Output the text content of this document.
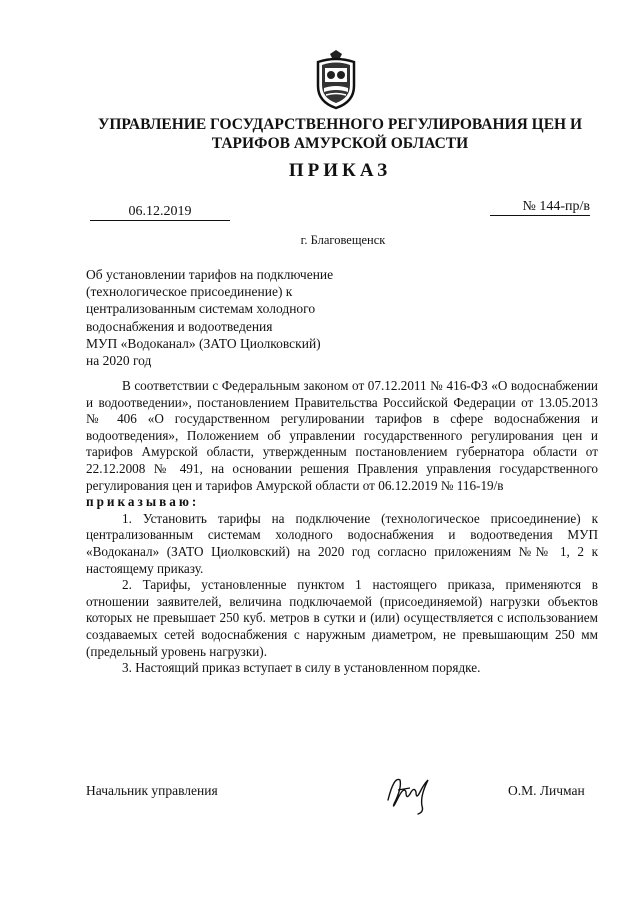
УПРАВЛЕНИЕ ГОСУДАРСТВЕННОГО РЕГУЛИРОВАНИЯ ЦЕН И
ТАРИФОВ АМУРСКОЙ ОБЛАСТИ
ПРИКАЗ
06.12.2019	№ 144-пр/в
г. Благовещенск
Об установлении тарифов на подключение
(технологическое присоединение) к
централизованным системам холодного
водоснабжения и водоотведения
МУП «Водоканал» (ЗАТО Циолковский)
на 2020 год

В соответствии с Федеральным законом от 07.12.2011 № 416-ФЗ «О водоснабжении и водоотведении», постановлением Правительства Российской Федерации от 13.05.2013 № 406 «О государственном регулировании тарифов в сфере водоснабжения и водоотведения», Положением об управлении государственного регулирования цен и тарифов Амурской области, утвержденным постановлением губернатора области от 22.12.2008 № 491, на основании решения Правления управления государственного регулирования цен и тарифов Амурской области от 06.12.2019 № 116-19/в

приказываю:

1. Установить тарифы на подключение (технологическое присоединение) к централизованным системам холодного водоснабжения и водоотведения МУП «Водоканал» (ЗАТО Циолковский) на 2020 год согласно приложениям №№ 1, 2 к настоящему приказу.

2. Тарифы, установленные пунктом 1 настоящего приказа, применяются в отношении заявителей, величина подключаемой (присоединяемой) нагрузки объектов которых не превышает 250 куб. метров в сутки и (или) осуществляется с использованием создаваемых сетей водоснабжения с наружным диаметром, не превышающим 250 мм (предельный уровень нагрузки).

3. Настоящий приказ вступает в силу в установленном порядке.

Начальник управления	О.М. Личман
